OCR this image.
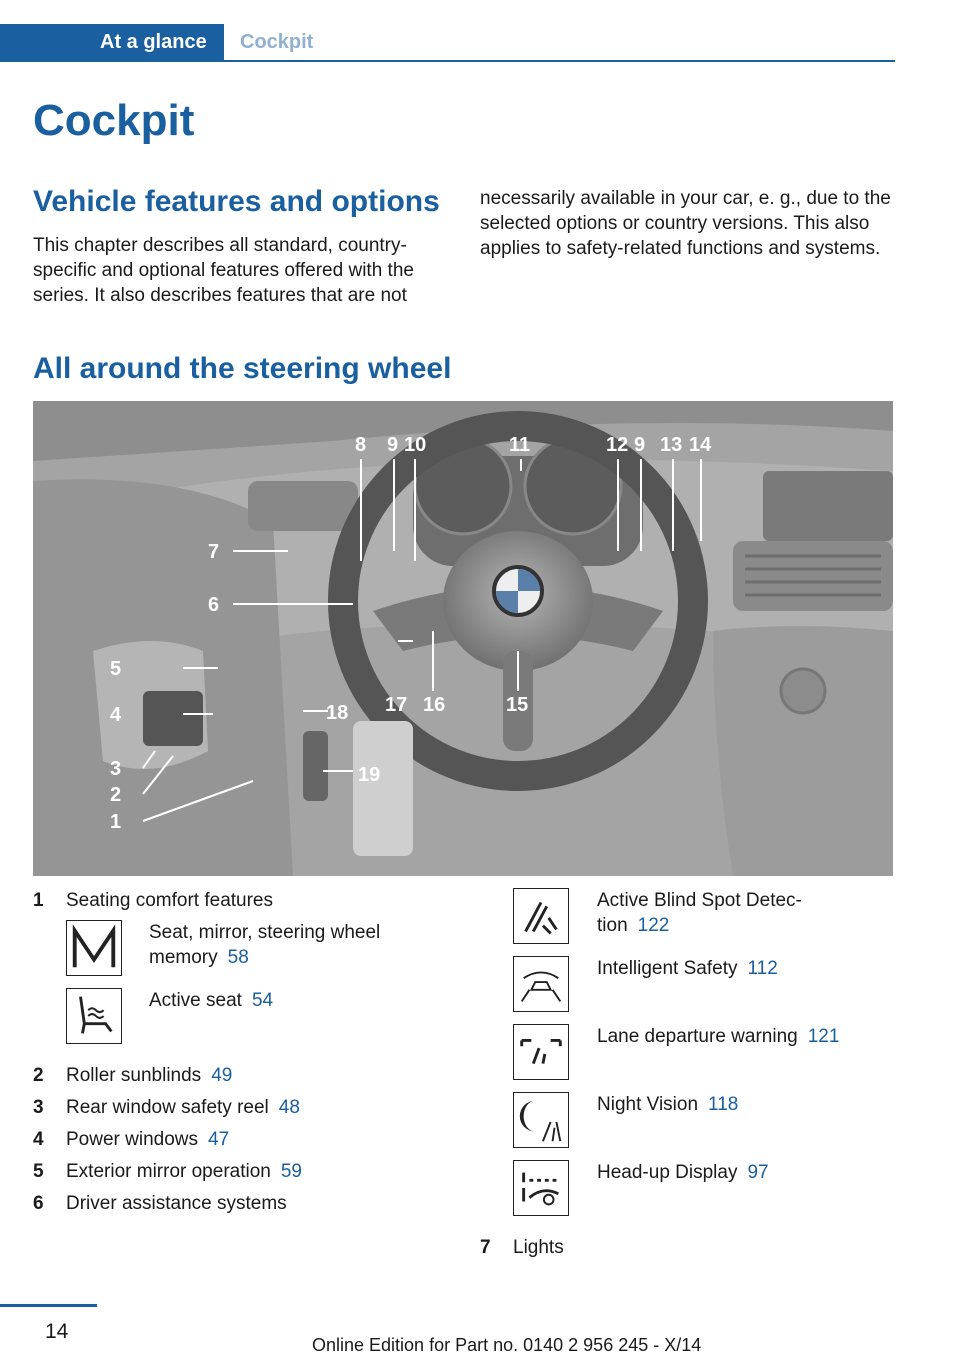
At a glance	Cockpit
Cockpit
Vehicle features and options
This chapter describes all standard, country-specific and optional features offered with the series. It also describes features that are not
necessarily available in your car, e. g., due to the selected options or country versions. This also applies to safety-related functions and systems.
All around the steering wheel
7
6
5
4
3
2
1
8 9 10	11	12 9 13 14
15
16
17
18
19
1 Seating comfort features
Seat, mirror, steering wheel memory 58
Active seat 54
2 Roller sunblinds 49
3 Rear window safety reel 48
4 Power windows 47
5 Exterior mirror operation 59
6 Driver assistance systems
Active Blind Spot Detec-
tion 122
Intelligent Safety 112
Lane departure warning 121
Night Vision 118
Head-up Display 97
7 Lights
14
Online Edition for Part no. 0140 2 956 245 - X/14
